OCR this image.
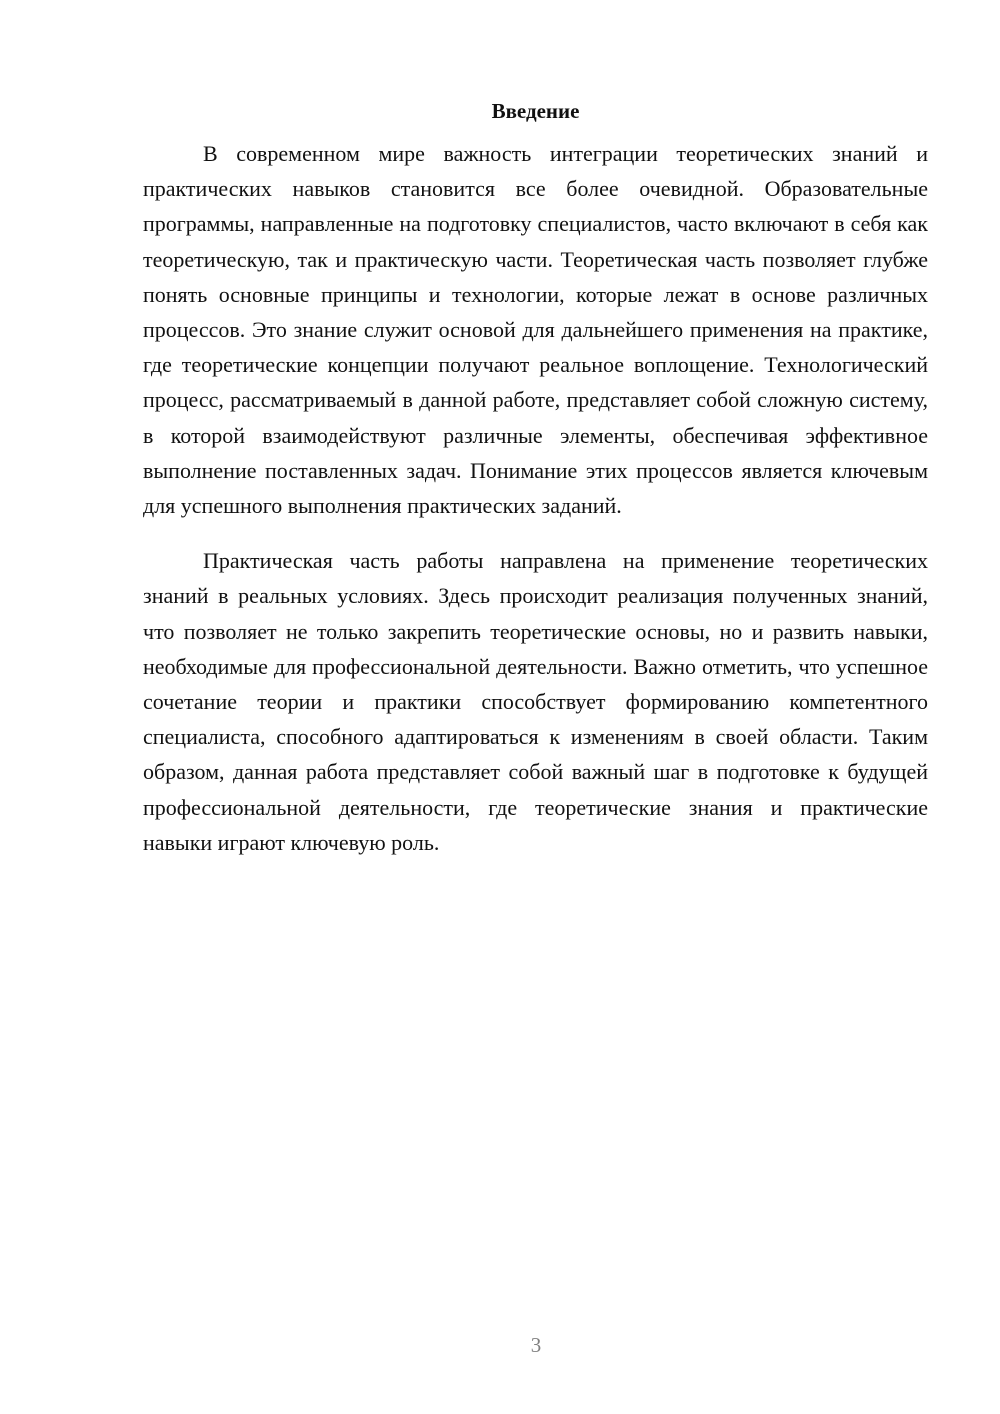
Введение

В современном мире важность интеграции теоретических знаний и практических навыков становится все более очевидной. Образовательные программы, направленные на подготовку специалистов, часто включают в себя как теоретическую, так и практическую части. Теоретическая часть позволяет глубже понять основные принципы и технологии, которые лежат в основе различных процессов. Это знание служит основой для дальнейшего применения на практике, где теоретические концепции получают реальное воплощение. Технологический процесс, рассматриваемый в данной работе, представляет собой сложную систему, в которой взаимодействуют различные элементы, обеспечивая эффективное выполнение поставленных задач. Понимание этих процессов является ключевым для успешного выполнения практических заданий.

Практическая часть работы направлена на применение теоретических знаний в реальных условиях. Здесь происходит реализация полученных знаний, что позволяет не только закрепить теоретические основы, но и развить навыки, необходимые для профессиональной деятельности. Важно отметить, что успешное сочетание теории и практики способствует формированию компетентного специалиста, способного адаптироваться к изменениям в своей области. Таким образом, данная работа представляет собой важный шаг в подготовке к будущей профессиональной деятельности, где теоретические знания и практические навыки играют ключевую роль.

3
